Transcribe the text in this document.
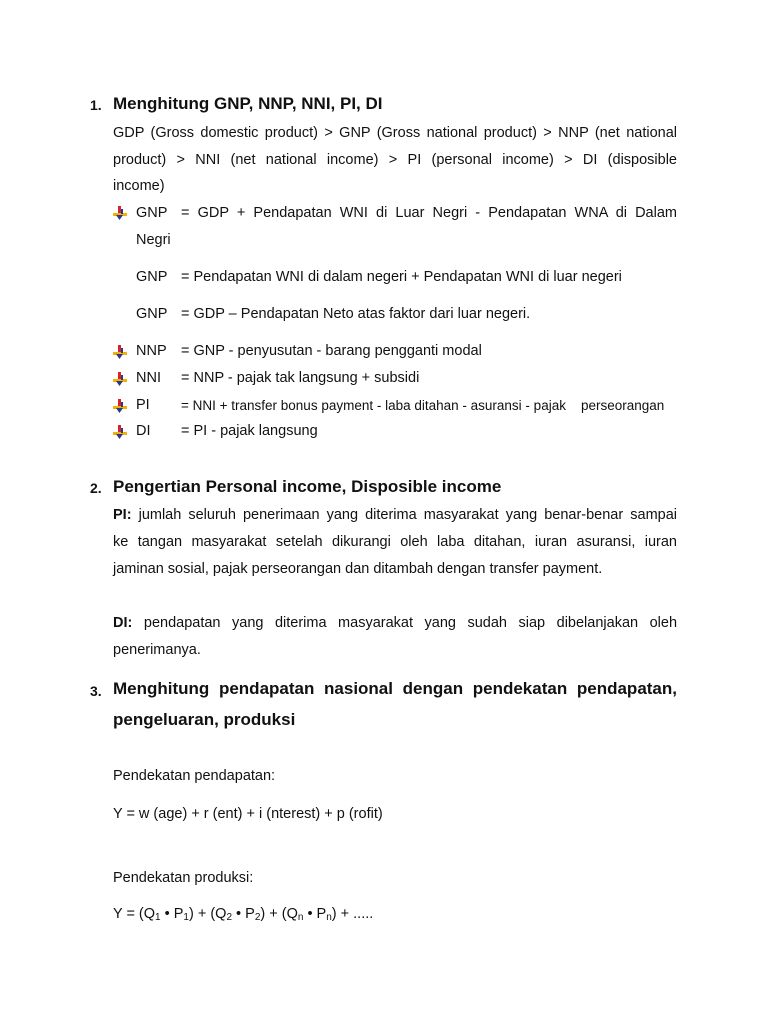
1. Menghitung GNP, NNP, NNI, PI, DI
GDP (Gross domestic product) > GNP (Gross national product) > NNP (net national
product) > NNI (net national income) > PI (personal income) > DI (disposible
income)
GNP = GDP + Pendapatan WNI di Luar Negri - Pendapatan WNA di Dalam
Negri
GNP = Pendapatan WNI di dalam negeri + Pendapatan WNI di luar negeri
GNP = GDP – Pendapatan Neto atas faktor dari luar negeri.
NNP = GNP - penyusutan - barang pengganti modal
NNI = NNP - pajak tak langsung + subsidi
PI = NNI + transfer bonus payment - laba ditahan - asuransi - pajak    perseorangan
DI = PI - pajak langsung
2. Pengertian Personal income, Disposible income
PI: jumlah seluruh penerimaan yang diterima masyarakat yang benar-benar sampai
ke tangan masyarakat setelah dikurangi oleh laba ditahan, iuran asuransi, iuran
jaminan sosial, pajak perseorangan dan ditambah dengan transfer payment.
DI: pendapatan yang diterima masyarakat yang sudah siap dibelanjakan oleh
penerimanya.
3. Menghitung pendapatan nasional dengan pendekatan pendapatan,
pengeluaran, produksi
Pendekatan pendapatan:
Y = w (age) + r (ent) + i (nterest) + p (rofit)
Pendekatan produksi:
$Y = (Q_1$ • $P_1) + (Q_2$ • $P_2) + (Q_n$ • $P_n$) + .....
